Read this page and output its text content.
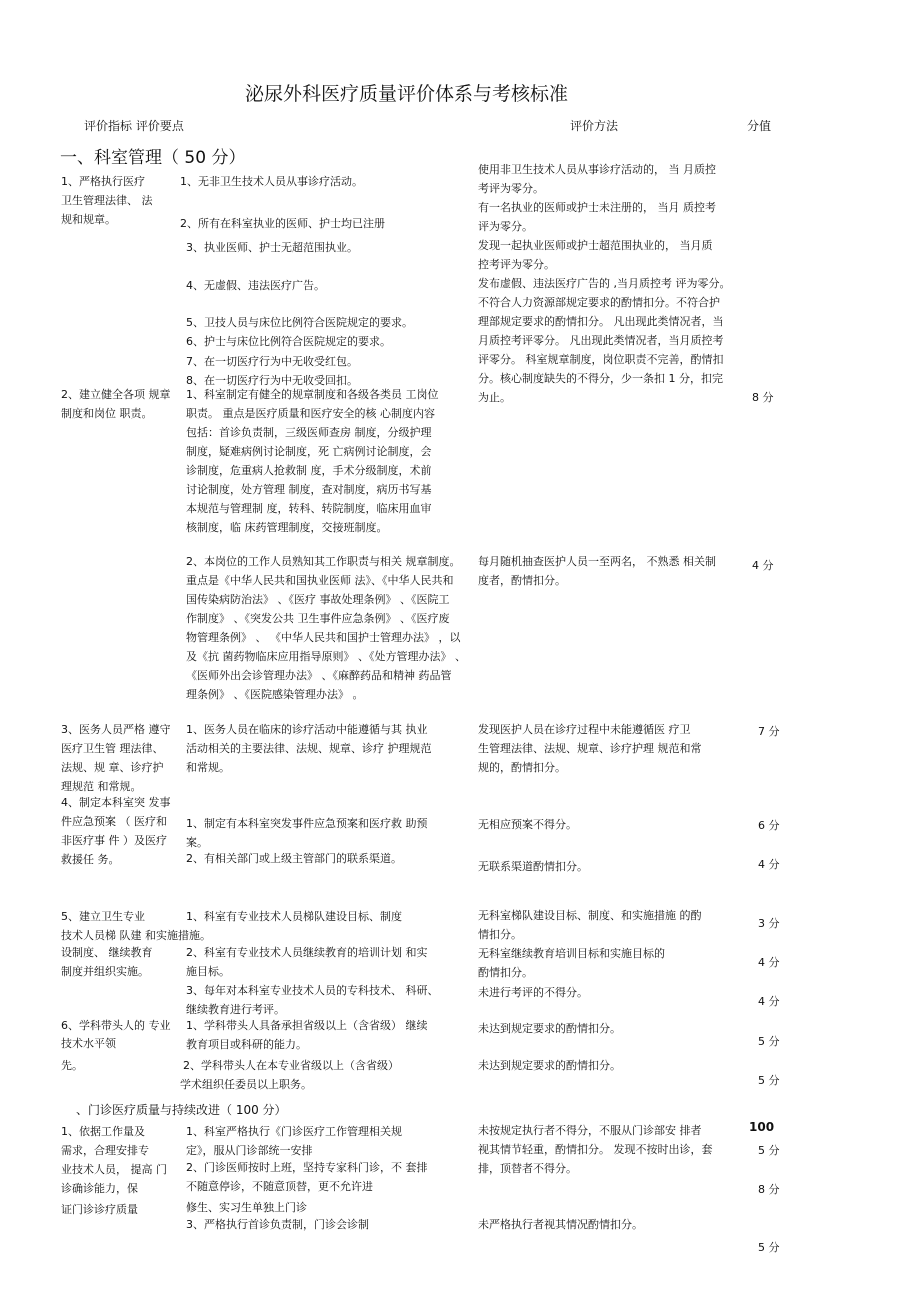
泌尿外科医疗质量评价体系与考核标准
评价指标 评价要点	评价方法	分值
一、科室管理（ 50 分）
1、严格执行医疗
卫生管理法律、 法
规和规章。
1、无非卫生技术人员从事诊疗活动。
2、所有在科室执业的医师、护士均已注册
3、执业医师、护士无超范围执业。
4、无虚假、违法医疗广告。
5、卫技人员与床位比例符合医院规定的要求。
6、护士与床位比例符合医院规定的要求。
7、在一切医疗行为中无收受红包。
8、在一切医疗行为中无收受回扣。
使用非卫生技术人员从事诊疗活动的， 当 月质控
考评为零分。
有一名执业的医师或护士未注册的， 当月 质控考
评为零分。
发现一起执业医师或护士超范围执业的， 当月质
控考评为零分。
发布虚假、违法医疗广告的 ,当月质控考 评为零分。
不符合人力资源部规定要求的酌情扣分。不符合护
理部规定要求的酌情扣分。 凡出现此类情况者，当
月质控考评零分。 凡出现此类情况者，当月质控考
评零分。 科室规章制度，岗位职责不完善，酌情扣
分。核心制度缺失的不得分，少一条扣 1 分，扣完
为止。
2、建立健全各项 规章
制度和岗位 职责。
1、科室制定有健全的规章制度和各级各类员 工岗位
职责。 重点是医疗质量和医疗安全的核 心制度内容
包括：首诊负责制，三级医师查房 制度，分级护理
制度，疑难病例讨论制度，死 亡病例讨论制度，会
诊制度，危重病人抢救制 度，手术分级制度，术前
讨论制度，处方管理 制度，查对制度，病历书写基
本规范与管理制 度，转科、转院制度，临床用血审
核制度，临 床药管理制度，交接班制度。
8 分
2、本岗位的工作人员熟知其工作职责与相关 规章制度。
重点是《中华人民共和国执业医师 法》、《中华人民共和
国传染病防治法》 、《医疗 事故处理条例》 、《医院工
作制度》 、《突发公共 卫生事件应急条例》 、《医疗废
物管理条例》 、 《中华人民共和国护士管理办法》 ，以
及《抗 菌药物临床应用指导原则》 、《处方管理办法》 、
《医师外出会诊管理办法》 、《麻醉药品和精神 药品管
理条例》 、《医院感染管理办法》 。
每月随机抽查医护人员一至两名， 不熟悉 相关制
度者，酌情扣分。
4 分
3、医务人员严格 遵守
医疗卫生管 理法律、
法规、规 章、诊疗护
理规范 和常规。
1、医务人员在临床的诊疗活动中能遵循与其 执业
活动相关的主要法律、法规、规章、诊疗 护理规范
和常规。
发现医护人员在诊疗过程中未能遵循医 疗卫
生管理法律、法规、规章、诊疗护理 规范和常
规的，酌情扣分。
7 分
4、制定本科室突 发事
件应急预案 （ 医疗和
非医疗事 件 ）及医疗
救援任 务。
1、制定有本科室突发事件应急预案和医疗救 助预
案。
2、有相关部门或上级主管部门的联系渠道。
无相应预案不得分。
无联系渠道酌情扣分。
6 分
4 分
5、建立卫生专业
技术人员梯 队建 和实施措施。
设制度、 继续教育
制度并组织实施。
1、科室有专业技术人员梯队建设目标、制度
2、科室有专业技术人员继续教育的培训计划 和实
施目标。
3、每年对本科室专业技术人员的专科技术、 科研、
继续教育进行考评。
无科室梯队建设目标、制度、和实施措施 的酌
情扣分。
无科室继续教育培训目标和实施目标的
酌情扣分。
未进行考评的不得分。
3 分
4 分
4 分
6、学科带头人的 专业
技术水平领
先。
1、学科带头人具备承担省级以上（含省级） 继续
教育项目或科研的能力。
2、学科带头人在本专业省级以上（含省级）
学术组织任委员以上职务。
未达到规定要求的酌情扣分。
未达到规定要求的酌情扣分。
5 分
5 分
、门诊医疗质量与持续改进（ 100 分）
100
1、依据工作量及
需求，合理安排专
业技术人员， 提高 门
诊确诊能力，保
证门诊诊疗质量
1、科室严格执行《门诊医疗工作管理相关规
定》，服从门诊部统一安排
2、门诊医师按时上班，坚持专家科门诊，不 套排
不随意停诊，不随意顶替，更不允许进
修生、实习生单独上门诊
3、严格执行首诊负责制，门诊会诊制
未按规定执行者不得分，不服从门诊部安 排者
视其情节轻重，酌情扣分。 发现不按时出诊，套
排，顶替者不得分。
未严格执行者视其情况酌情扣分。
5 分
8 分
5 分
